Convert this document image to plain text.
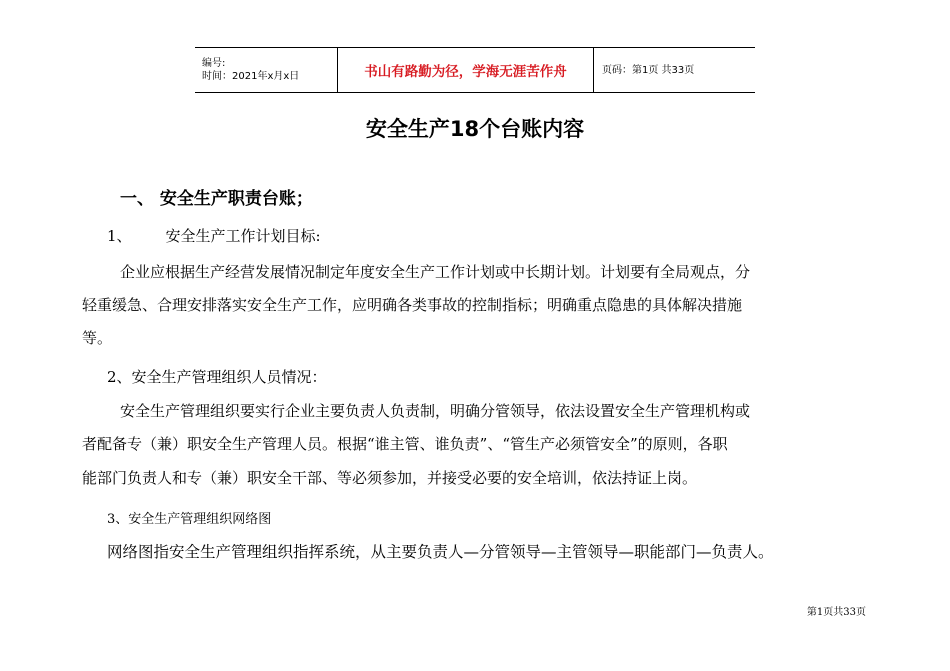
编号:
时间：2021年x月x日	书山有路勤为径，学海无涯苦作舟	页码：第1页 共33页
安全生产18个台账内容
一、 安全生产职责台账；
1、 安全生产工作计划目标:
企业应根据生产经营发展情况制定年度安全生产工作计划或中长期计划。计划要有全局观点，分
轻重缓急、合理安排落实安全生产工作，应明确各类事故的控制指标；明确重点隐患的具体解决措施
等。
2、安全生产管理组织人员情况：
安全生产管理组织要实行企业主要负责人负责制，明确分管领导，依法设置安全生产管理机构或
者配备专（兼）职安全生产管理人员。根据“谁主管、谁负责”、“管生产必须管安全”的原则，各职
能部门负责人和专（兼）职安全干部、等必须参加，并接受必要的安全培训，依法持证上岗。
3、安全生产管理组织网络图
网络图指安全生产管理组织指挥系统，从主要负责人—分管领导—主管领导—职能部门—负责人。
第1页共33页
